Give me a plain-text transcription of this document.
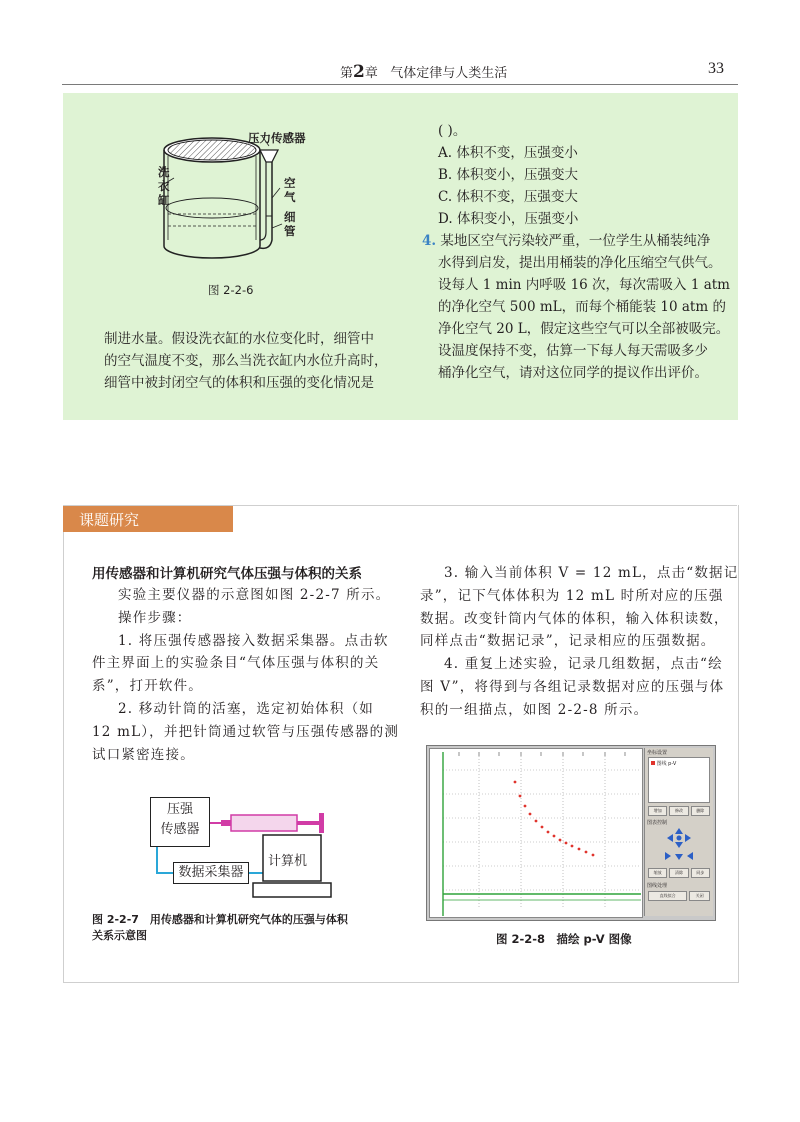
第2章 气体定律与人类生活	33
压力传感器
洗
衣
缸
空
气
细
管
图 2-2-6
制进水量。假设洗衣缸的水位变化时，细管中
的空气温度不变，那么当洗衣缸内水位升高时，
细管中被封闭空气的体积和压强的变化情况是
( )。
A. 体积不变，压强变小
B. 体积变小，压强变大
C. 体积不变，压强变大
D. 体积变小，压强变小
4. 某地区空气污染较严重，一位学生从桶装纯净
水得到启发，提出用桶装的净化压缩空气供气。
设每人 1 min 内呼吸 16 次，每次需吸入 1 atm
的净化空气 500 mL，而每个桶能装 10 atm 的
净化空气 20 L，假定这些空气可以全部被吸完。
设温度保持不变，估算一下每人每天需吸多少
桶净化空气，请对这位同学的提议作出评价。
课题研究
用传感器和计算机研究气体压强与体积的关系
实验主要仪器的示意图如图 2-2-7 所示。
操作步骤：
1. 将压强传感器接入数据采集器。点击软
件主界面上的实验条目“气体压强与体积的关
系”，打开软件。
2. 移动针筒的活塞，选定初始体积（如
12 mL），并把针筒通过软管与压强传感器的测
试口紧密连接。
3. 输入当前体积 V = 12 mL，点击“数据记
录”，记下气体体积为 12 mL 时所对应的压强
数据。改变针筒内气体的体积，输入体积读数，
同样点击“数据记录”，记录相应的压强数据。
4. 重复上述实验，记录几组数据，点击“绘
图 V”，将得到与各组记录数据对应的压强与体
积的一组描点，如图 2-2-8 所示。
压强
传感器
数据采集器
计算机
图 2-2-7　用传感器和计算机研究气体的压强与体积
关系示意图
坐标设置
图线 p-V
增加	修改	删除
图表控制
缩放	清除	同步
图线处理
直线拟合	关闭
图 2-2-8　描绘 p-V 图像
